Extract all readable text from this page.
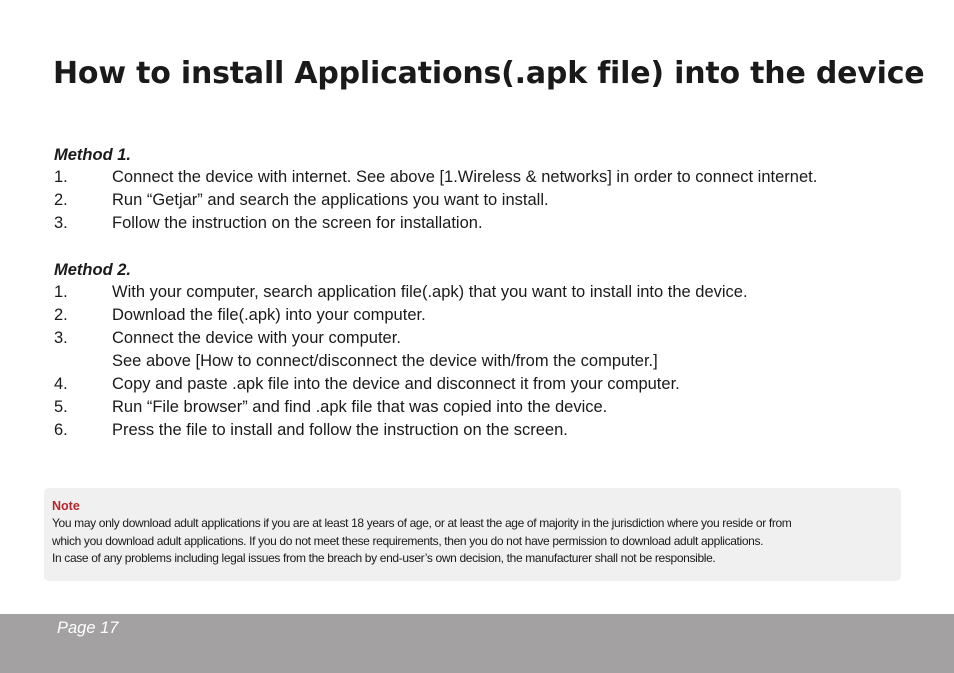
How to install Applications(.apk file) into the device
Method 1.
1.	Connect the device with internet. See above [1.Wireless & networks] in order to connect internet.
2.	Run “Getjar” and search the applications you want to install.
3.	Follow the instruction on the screen for installation.
Method 2.
1.	With your computer, search application file(.apk) that you want to install into the device.
2.	Download the file(.apk) into your computer.
3.	Connect the device with your computer.
See above [How to connect/disconnect the device with/from the computer.]
4.	Copy and paste .apk file into the device and disconnect it from your computer.
5.	Run “File browser” and find .apk file that was copied into the device.
6.	Press the file to install and follow the instruction on the screen.
Note
You may only download adult applications if you are at least 18 years of age, or at least the age of majority in the jurisdiction where you reside or from
which you download adult applications. If you do not meet these requirements, then you do not have permission to download adult applications.
In case of any problems including legal issues from the breach by end-user’s own decision, the manufacturer shall not be responsible.
Page 17
